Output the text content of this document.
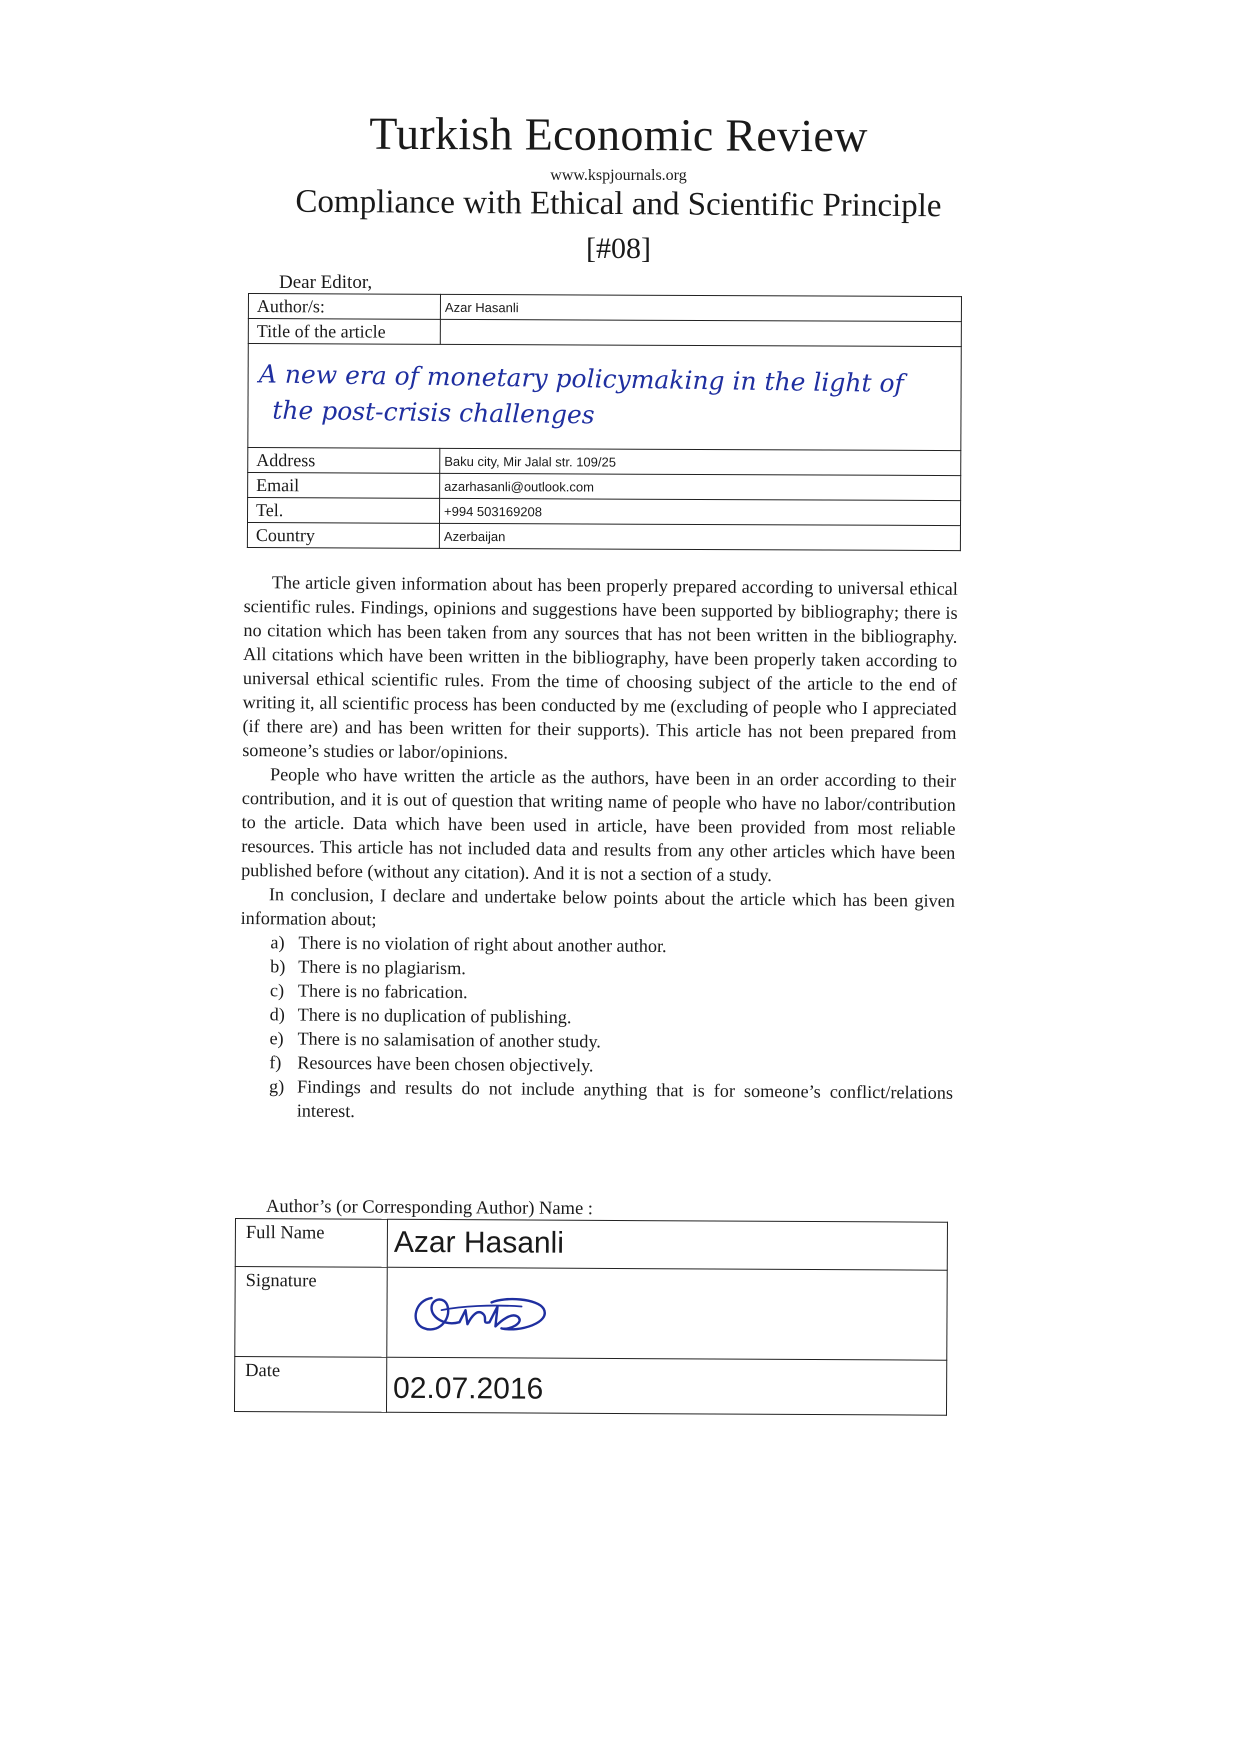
Turkish Economic Review
www.kspjournals.org
Compliance with Ethical and Scientific Principle
[#08]
Dear Editor,
Author/s:	Azar Hasanli
Title of the article	

A new era of monetary policymaking in the light of
the post-crisis challenges	

Address	Baku city, Mir Jalal str. 109/25
Email	azarhasanli@outlook.com
Tel.	+994 503169208
Country	Azerbaijan

The article given information about has been properly prepared according to universal ethical scientific rules. Findings, opinions and suggestions have been supported by bibliography; there is no citation which has been taken from any sources that has not been written in the bibliography. All citations which have been written in the bibliography, have been properly taken according to universal ethical scientific rules. From the time of choosing subject of the article to the end of writing it, all scientific process has been conducted by me (excluding of people who I appreciated (if there are) and has been written for their supports). This article has not been prepared from someone’s studies or labor/opinions.

People who have written the article as the authors, have been in an order according to their contribution, and it is out of question that writing name of people who have no labor/contribution to the article. Data which have been used in article, have been provided from most reliable resources. This article has not included data and results from any other articles which have been published before (without any citation). And it is not a section of a study.

In conclusion, I declare and undertake below points about the article which has been given information about;

a) There is no violation of right about another author.
b) There is no plagiarism.
c) There is no fabrication.
d) There is no duplication of publishing.
e) There is no salamisation of another study.
f) Resources have been chosen objectively.
g) Findings and results do not include anything that is for someone’s conflict/relations interest.
Author’s (or Corresponding Author) Name :
Full Name	Azar Hasanli
Signature	

Date	02.07.2016
